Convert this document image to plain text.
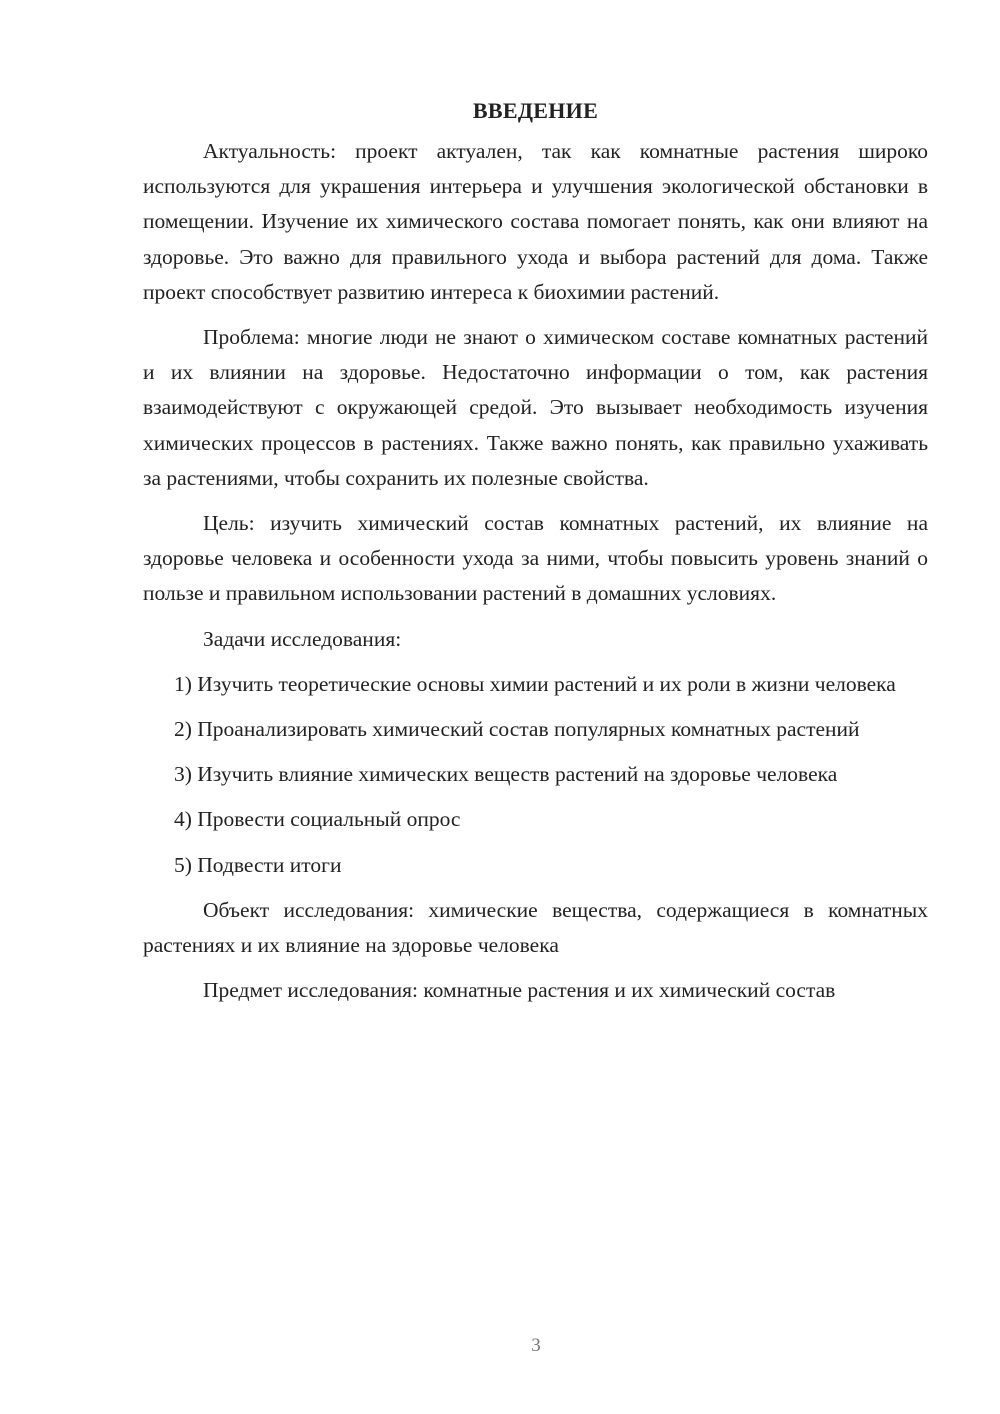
ВВЕДЕНИЕ

Актуальность: проект актуален, так как комнатные растения широко используются для украшения интерьера и улучшения экологической обстановки в помещении. Изучение их химического состава помогает понять, как они влияют на здоровье. Это важно для правильного ухода и выбора растений для дома. Также проект способствует развитию интереса к биохимии растений.

Проблема: многие люди не знают о химическом составе комнатных растений и их влиянии на здоровье. Недостаточно информации о том, как растения взаимодействуют с окружающей средой. Это вызывает необходимость изучения химических процессов в растениях. Также важно понять, как правильно ухаживать за растениями, чтобы сохранить их полезные свойства.

Цель: изучить химический состав комнатных растений, их влияние на здоровье человека и особенности ухода за ними, чтобы повысить уровень знаний о пользе и правильном использовании растений в домашних условиях.

Задачи исследования:

1) Изучить теоретические основы химии растений и их роли в жизни человека

2) Проанализировать химический состав популярных комнатных растений

3) Изучить влияние химических веществ растений на здоровье человека

4) Провести социальный опрос

5) Подвести итоги

Объект исследования: химические вещества, содержащиеся в комнатных растениях и их влияние на здоровье человека

Предмет исследования: комнатные растения и их химический состав

3
